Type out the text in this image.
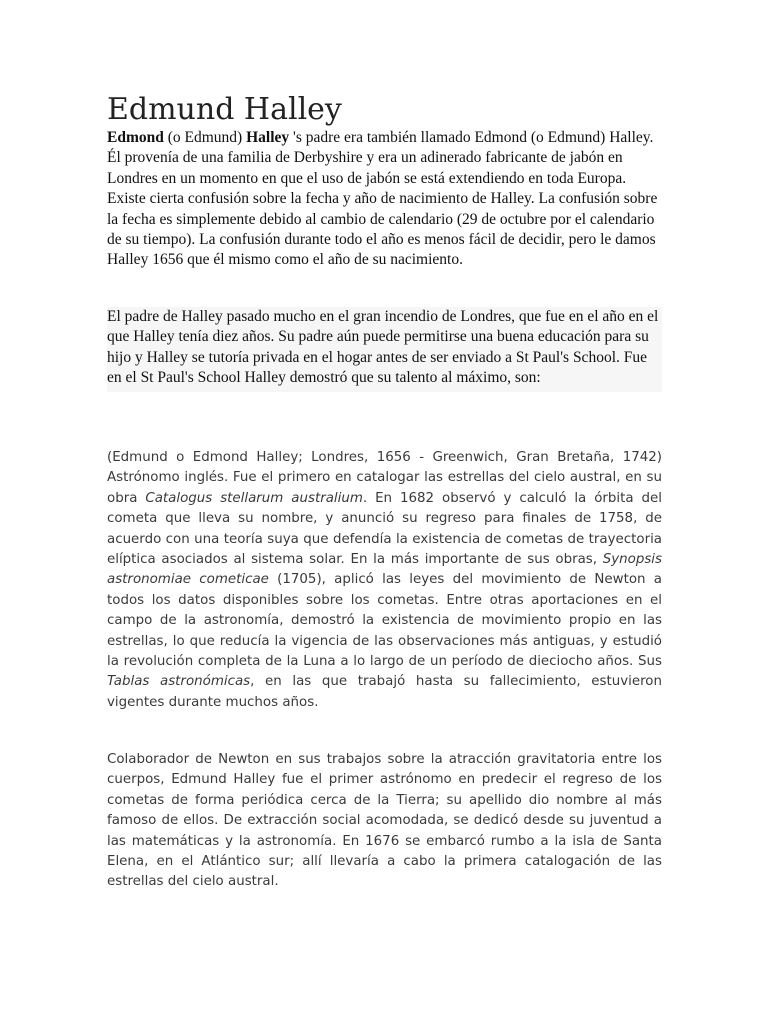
Edmund Halley

Edmond (o Edmund) Halley 's padre era también llamado Edmond (o Edmund) Halley. Él provenía de una familia de Derbyshire y era un adinerado fabricante de jabón en Londres en un momento en que el uso de jabón se está extendiendo en toda Europa. Existe cierta confusión sobre la fecha y año de nacimiento de Halley. La confusión sobre la fecha es simplemente debido al cambio de calendario (29 de octubre por el calendario de su tiempo). La confusión durante todo el año es menos fácil de decidir, pero le damos Halley 1656 que él mismo como el año de su nacimiento.

El padre de Halley pasado mucho en el gran incendio de Londres, que fue en el año en el que Halley tenía diez años. Su padre aún puede permitirse una buena educación para su hijo y Halley se tutoría privada en el hogar antes de ser enviado a St Paul's School. Fue en el St Paul's School Halley demostró que su talento al máximo, son:

(Edmund o Edmond Halley; Londres, 1656 - Greenwich, Gran Bretaña, 1742) Astrónomo inglés. Fue el primero en catalogar las estrellas del cielo austral, en su obra Catalogus stellarum australium. En 1682 observó y calculó la órbita del cometa que lleva su nombre, y anunció su regreso para finales de 1758, de acuerdo con una teoría suya que defendía la existencia de cometas de trayectoria elíptica asociados al sistema solar. En la más importante de sus obras, Synopsis astronomiae cometicae (1705), aplicó las leyes del movimiento de Newton a todos los datos disponibles sobre los cometas. Entre otras aportaciones en el campo de la astronomía, demostró la existencia de movimiento propio en las estrellas, lo que reducía la vigencia de las observaciones más antiguas, y estudió la revolución completa de la Luna a lo largo de un período de dieciocho años. Sus Tablas astronómicas, en las que trabajó hasta su fallecimiento, estuvieron vigentes durante muchos años.

Colaborador de Newton en sus trabajos sobre la atracción gravitatoria entre los cuerpos, Edmund Halley fue el primer astrónomo en predecir el regreso de los cometas de forma periódica cerca de la Tierra; su apellido dio nombre al más famoso de ellos. De extracción social acomodada, se dedicó desde su juventud a las matemáticas y la astronomía. En 1676 se embarcó rumbo a la isla de Santa Elena, en el Atlántico sur; allí llevaría a cabo la primera catalogación de las estrellas del cielo austral.
